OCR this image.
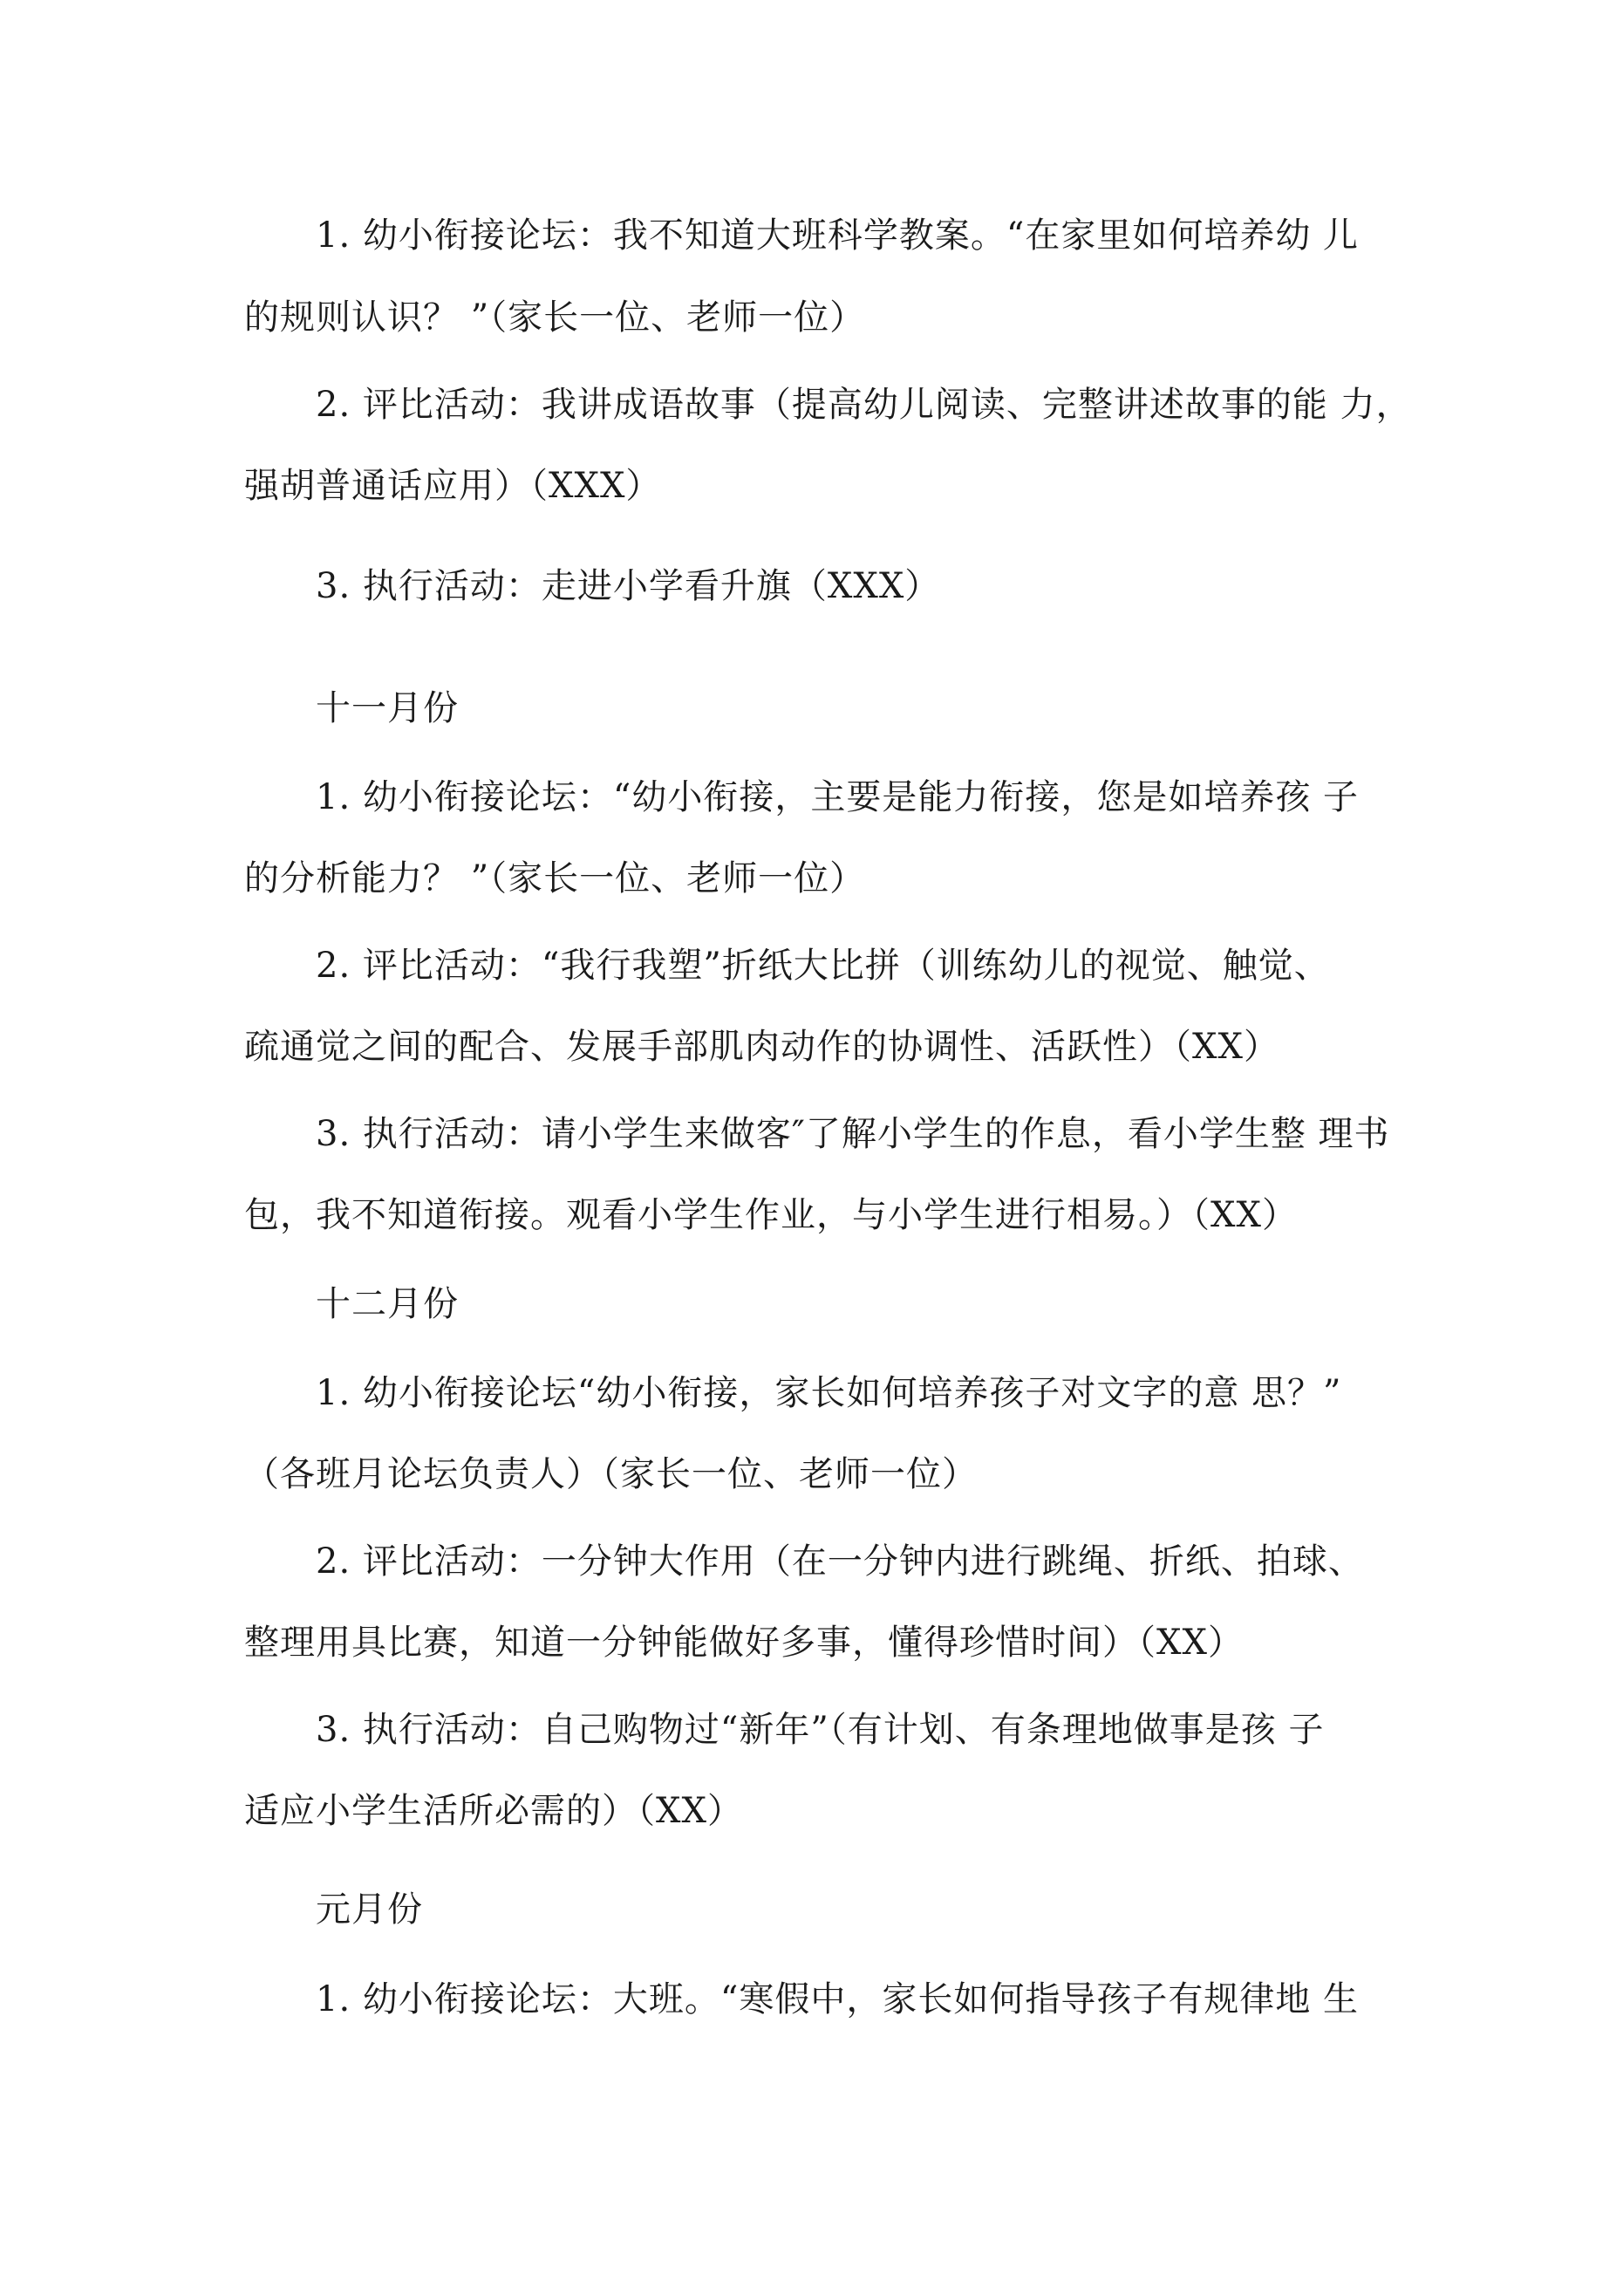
1. 幼小衔接论坛：我不知道大班科学教案。“在家里如何培养幼 儿
的规则认识？ ”（家长一位、老师一位）
2. 评比活动：我讲成语故事（提高幼儿阅读、完整讲述故事的能 力，
强胡普通话应用）（XXX）
3. 执行活动：走进小学看升旗（XXX）
十一月份
1. 幼小衔接论坛：“幼小衔接，主要是能力衔接，您是如培养孩 子
的分析能力？ ”（家长一位、老师一位）
2. 评比活动：“我行我塑”折纸大比拼（训练幼儿的视觉、触觉、
疏通觉之间的配合、发展手部肌肉动作的协调性、活跃性）（XX）
3. 执行活动：请小学生来做客″了解小学生的作息，看小学生整 理书
包，我不知道衔接。观看小学生作业，与小学生进行相易。）（XX）
十二月份
1. 幼小衔接论坛“幼小衔接，家长如何培养孩子对文字的意 思？”
（各班月论坛负责人）（家长一位、老师一位）
2. 评比活动：一分钟大作用（在一分钟内进行跳绳、折纸、拍球、
整理用具比赛，知道一分钟能做好多事，懂得珍惜时间）（XX）
3. 执行活动：自己购物过“新年”（有计划、有条理地做事是孩 子
适应小学生活所必需的）（XX）
元月份
1. 幼小衔接论坛：大班。“寒假中，家长如何指导孩子有规律地 生
